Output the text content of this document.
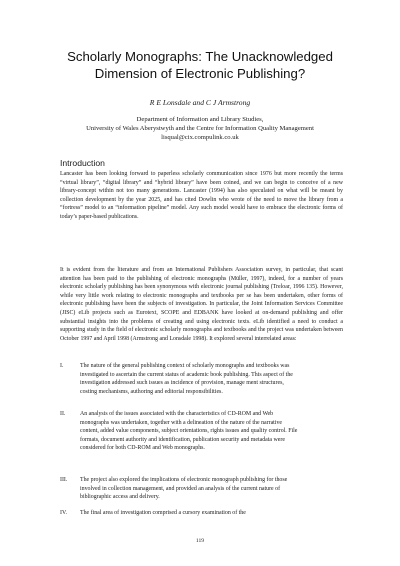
Scholarly Monographs: The Unacknowledged Dimension of Electronic Publishing?
R E Lonsdale and C J Armstrong
Department of Information and Library Studies,
University of Wales Aberystwyth and the Centre for Information Quality Management
lisqual@cix.compulink.co.uk
Introduction

Lancaster has been looking forward to paperless scholarly communication since 1976 but more recently the terms “virtual library”, “digital library” and “hybrid library” have been coined, and we can begin to conceive of a new library-concept within not too many generations. Lancaster (1994) has also speculated on what will be meant by collection development by the year 2025, and has cited Dowlin who wrote of the need to move the library from a “fortress” model to an “information pipeline” model. Any such model would have to embrace the electronic forms of today’s paper-based publications.

It is evident from the literature and from an International Publishers Association survey, in particular, that scant attention has been paid to the publishing of electronic monographs (Müller, 1997), indeed, for a number of years electronic scholarly publishing has been synonymous with electronic journal publishing (Treloar, 1996 135). However, while very little work relating to electronic monographs and textbooks per se has been undertaken, other forms of electronic publishing have been the subjects of investigation. In particular, the Joint Information Services Committee (JISC) eLib projects such as Eurotext, SCOPE and EDBANK have looked at on-demand publishing and offer substantial insights into the problems of creating and using electronic texts. eLib identified a need to conduct a supporting study in the field of electronic scholarly monographs and textbooks and the project was undertaken between October 1997 and April 1998 (Armstrong and Lonsdale 1998). It explored several interrelated areas:

I.	The nature of the general publishing context of scholarly monographs and textbooks was investigated to ascertain the current status of academic book publishing. This aspect of the investigation addressed such issues as incidence of provision, manage ment structures, costing mechanisms, authoring and editorial responsibilities.

II.	An analysis of the issues associated with the characteristics of CD-ROM and Web monographs was undertaken, together with a delineation of the nature of the narrative content, added value components, subject orientations, rights issues and quality control. File formats, document authority and identification, publication security and metadata were considered for both CD-ROM and Web monographs.

III.	The project also explored the implications of electronic monograph publishing for those involved in collection management, and provided an analysis of the current nature of bibliographic access and delivery.

IV.	The final area of investigation comprised a cursory examination of the

119
